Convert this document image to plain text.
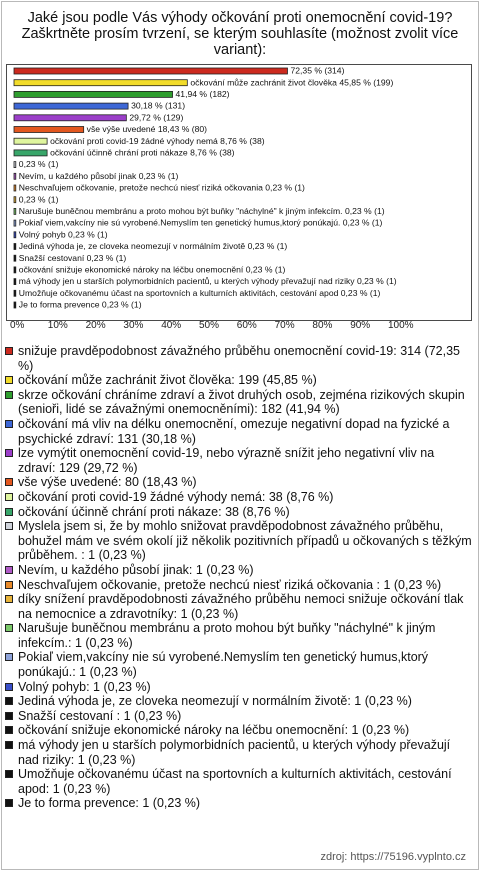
Jaké jsou podle Vás výhody očkování proti onemocnění covid-19?
Zaškrtněte prosím tvrzení, se kterým souhlasíte (možnost zvolit více
variant):
72,35 % (314)
očkování může zachránit život člověka 45,85 % (199)
41,94 % (182)
30,18 % (131)
29,72 % (129)
vše výše uvedené 18,43 % (80)
očkování proti covid-19 žádné výhody nemá 8,76 % (38)
očkování účinně chrání proti nákaze 8,76 % (38)
0,23 % (1)
Nevím, u každého působí jinak 0,23 % (1)
Neschvaľujem očkovanie, pretože nechcú niesť riziká očkovania 0,23 % (1)
0,23 % (1)
Narušuje buněčnou membránu a proto mohou být buňky "náchylné" k jiným infekcím. 0,23 % (1)
Pokiaľ viem,vakcíny nie sú vyrobené.Nemyslím ten genetický humus,ktorý ponúkajú. 0,23 % (1)
Volný pohyb 0,23 % (1)
Jediná výhoda je, ze cloveka neomezují v normálním životě 0,23 % (1)
Snažší cestovaní 0,23 % (1)
očkování snižuje ekonomické nároky na léčbu onemocnění 0,23 % (1)
má výhody jen u starších polymorbidních pacientů, u kterých výhody převažují nad riziky 0,23 % (1)
Umožňuje očkovanému účast na sportovních a kulturních aktivitách, cestování apod 0,23 % (1)
Je to forma prevence 0,23 % (1)
0% 10% 20% 30% 40% 50% 60% 70% 80% 90% 100%
snižuje pravděpodobnost závažného průběhu onemocnění covid-19: 314 (72,35 %)
očkování může zachránit život člověka: 199 (45,85 %)
skrze očkování chráníme zdraví a život druhých osob, zejména rizikových skupin (senioři, lidé se závažnými onemocněními): 182 (41,94 %)
očkování má vliv na délku onemocnění, omezuje negativní dopad na fyzické a psychické zdraví: 131 (30,18 %)
lze vymýtit onemocnění covid-19, nebo výrazně snížit jeho negativní vliv na zdraví: 129 (29,72 %)
vše výše uvedené: 80 (18,43 %)
očkování proti covid-19 žádné výhody nemá: 38 (8,76 %)
očkování účinně chrání proti nákaze: 38 (8,76 %)
Myslela jsem si, že by mohlo snižovat pravděpodobnost závažného průběhu, bohužel mám ve svém okolí již několik pozitivních případů u očkovaných s těžkým průběhem. : 1 (0,23 %)
Nevím, u každého působí jinak: 1 (0,23 %)
Neschvaľujem očkovanie, pretože nechcú niesť riziká očkovania : 1 (0,23 %)
díky snížení pravděpodobnosti závažného průběhu nemoci snižuje očkování tlak na nemocnice a zdravotníky: 1 (0,23 %)
Narušuje buněčnou membránu a proto mohou být buňky "náchylné" k jiným infekcím.: 1 (0,23 %)
Pokiaľ viem,vakcíny nie sú vyrobené.Nemyslím ten genetický humus,ktorý ponúkajú.: 1 (0,23 %)
Volný pohyb: 1 (0,23 %)
Jediná výhoda je, ze cloveka neomezují v normálním životě: 1 (0,23 %)
Snažší cestovaní : 1 (0,23 %)
očkování snižuje ekonomické nároky na léčbu onemocnění: 1 (0,23 %)
má výhody jen u starších polymorbidních pacientů, u kterých výhody převažují nad riziky: 1 (0,23 %)
Umožňuje očkovanému účast na sportovních a kulturních aktivitách, cestování apod: 1 (0,23 %)
Je to forma prevence: 1 (0,23 %)
zdroj: https://75196.vyplnto.cz
